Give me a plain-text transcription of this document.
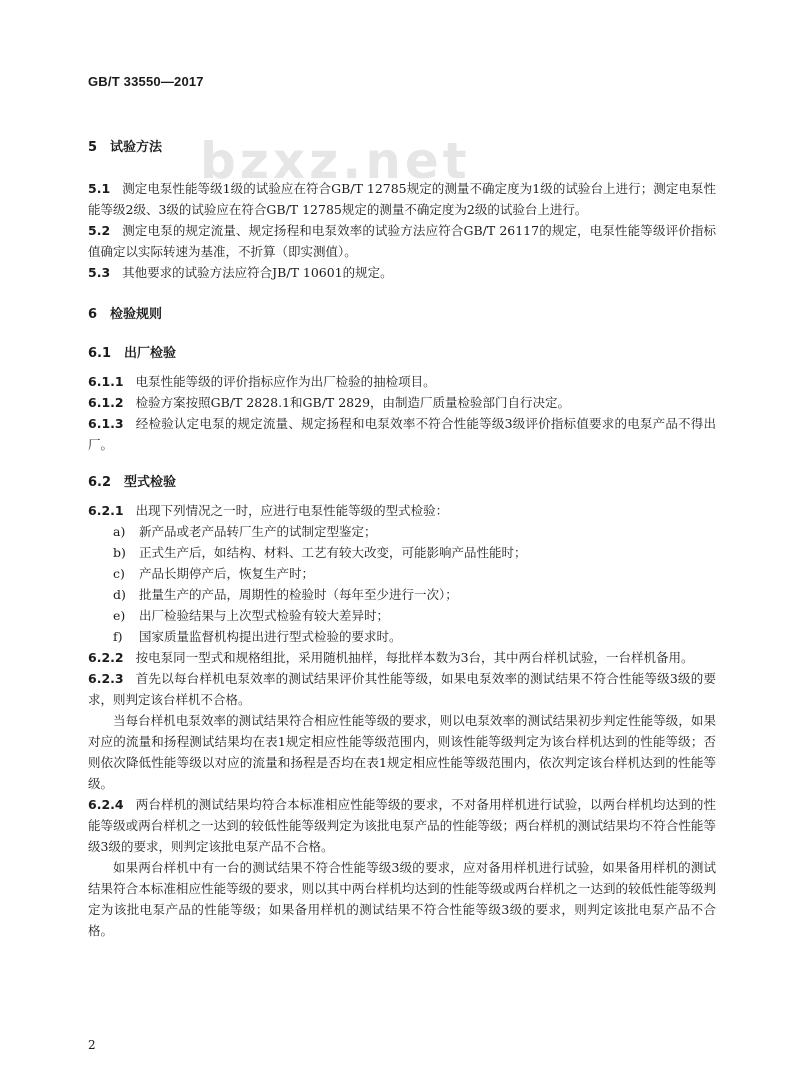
bzxz.net
GB/T 33550—2017
5　试验方法

5.1 测定电泵性能等级1级的试验应在符合GB/T 12785规定的测量不确定度为1级的试验台上进行；测定电泵性能等级2级、3级的试验应在符合GB/T 12785规定的测量不确定度为2级的试验台上进行。

5.2 测定电泵的规定流量、规定扬程和电泵效率的试验方法应符合GB/T 26117的规定，电泵性能等级评价指标值确定以实际转速为基准，不折算（即实测值）。

5.3 其他要求的试验方法应符合JB/T 10601的规定。

6　检验规则
6.1　出厂检验

6.1.1 电泵性能等级的评价指标应作为出厂检验的抽检项目。

6.1.2 检验方案按照GB/T 2828.1和GB/T 2829，由制造厂质量检验部门自行决定。

6.1.3 经检验认定电泵的规定流量、规定扬程和电泵效率不符合性能等级3级评价指标值要求的电泵产品不得出厂。

6.2　型式检验

6.2.1 出现下列情况之一时，应进行电泵性能等级的型式检验：

a) 新产品或老产品转厂生产的试制定型鉴定；
b) 正式生产后，如结构、材料、工艺有较大改变，可能影响产品性能时；
c) 产品长期停产后，恢复生产时；
d) 批量生产的产品，周期性的检验时（每年至少进行一次）；
e) 出厂检验结果与上次型式检验有较大差异时；
f) 国家质量监督机构提出进行型式检验的要求时。

6.2.2 按电泵同一型式和规格组批，采用随机抽样，每批样本数为3台，其中两台样机试验，一台样机备用。

6.2.3 首先以每台样机电泵效率的测试结果评价其性能等级，如果电泵效率的测试结果不符合性能等级3级的要求，则判定该台样机不合格。

当每台样机电泵效率的测试结果符合相应性能等级的要求，则以电泵效率的测试结果初步判定性能等级，如果对应的流量和扬程测试结果均在表1规定相应性能等级范围内，则该性能等级判定为该台样机达到的性能等级；否则依次降低性能等级以对应的流量和扬程是否均在表1规定相应性能等级范围内，依次判定该台样机达到的性能等级。

6.2.4 两台样机的测试结果均符合本标准相应性能等级的要求，不对备用样机进行试验，以两台样机均达到的性能等级或两台样机之一达到的较低性能等级判定为该批电泵产品的性能等级；两台样机的测试结果均不符合性能等级3级的要求，则判定该批电泵产品不合格。

如果两台样机中有一台的测试结果不符合性能等级3级的要求，应对备用样机进行试验，如果备用样机的测试结果符合本标准相应性能等级的要求，则以其中两台样机均达到的性能等级或两台样机之一达到的较低性能等级判定为该批电泵产品的性能等级；如果备用样机的测试结果不符合性能等级3级的要求，则判定该批电泵产品不合格。

2
